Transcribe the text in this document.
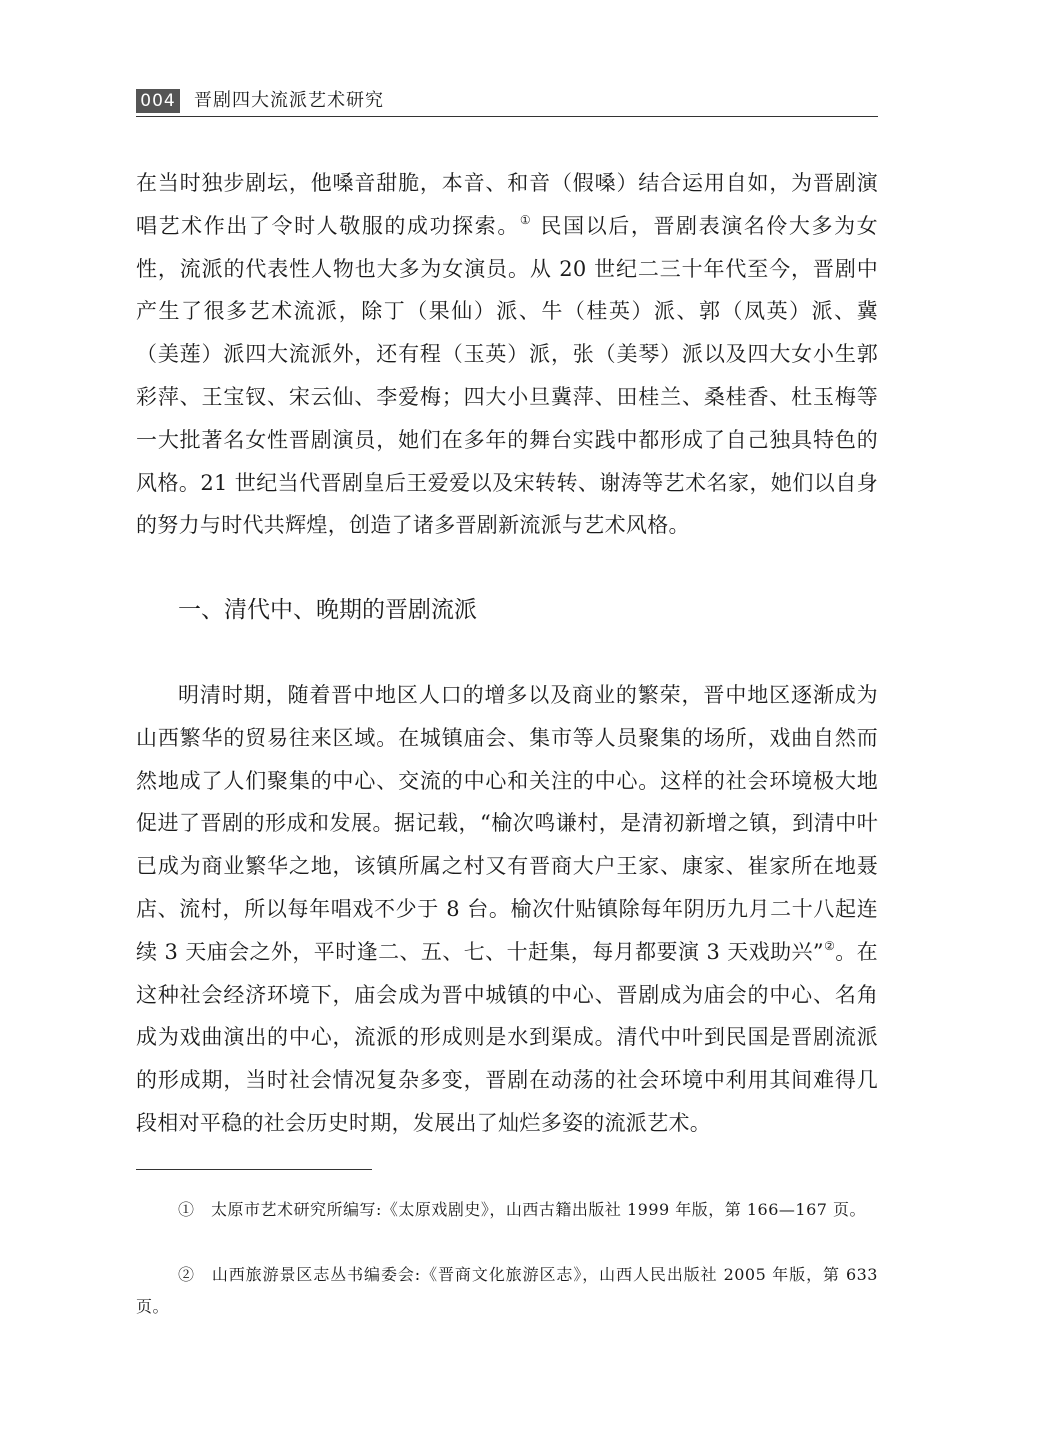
004 晋剧四大流派艺术研究

在当时独步剧坛，他嗓音甜脆，本音、和音（假嗓）结合运用自如，为晋剧演唱艺术作出了令时人敬服的成功探索。① 民国以后，晋剧表演名伶大多为女性，流派的代表性人物也大多为女演员。从 20 世纪二三十年代至今，晋剧中产生了很多艺术流派，除丁（果仙）派、牛（桂英）派、郭（凤英）派、冀（美莲）派四大流派外，还有程（玉英）派，张（美琴）派以及四大女小生郭彩萍、王宝钗、宋云仙、李爱梅；四大小旦冀萍、田桂兰、桑桂香、杜玉梅等一大批著名女性晋剧演员，她们在多年的舞台实践中都形成了自己独具特色的风格。21 世纪当代晋剧皇后王爱爱以及宋转转、谢涛等艺术名家，她们以自身的努力与时代共辉煌，创造了诸多晋剧新流派与艺术风格。

一、清代中、晚期的晋剧流派

明清时期，随着晋中地区人口的增多以及商业的繁荣，晋中地区逐渐成为山西繁华的贸易往来区域。在城镇庙会、集市等人员聚集的场所，戏曲自然而然地成了人们聚集的中心、交流的中心和关注的中心。这样的社会环境极大地促进了晋剧的形成和发展。据记载，“榆次鸣谦村，是清初新增之镇，到清中叶已成为商业繁华之地，该镇所属之村又有晋商大户王家、康家、崔家所在地聂店、流村，所以每年唱戏不少于 8 台。榆次什贴镇除每年阴历九月二十八起连续 3 天庙会之外，平时逢二、五、七、十赶集，每月都要演 3 天戏助兴”②。在这种社会经济环境下，庙会成为晋中城镇的中心、晋剧成为庙会的中心、名角成为戏曲演出的中心，流派的形成则是水到渠成。清代中叶到民国是晋剧流派的形成期，当时社会情况复杂多变，晋剧在动荡的社会环境中利用其间难得几段相对平稳的社会历史时期，发展出了灿烂多姿的流派艺术。

①　太原市艺术研究所编写:《太原戏剧史》，山西古籍出版社 1999 年版，第 166—167 页。

②　山西旅游景区志丛书编委会:《晋商文化旅游区志》，山西人民出版社 2005 年版，第 633 页。
